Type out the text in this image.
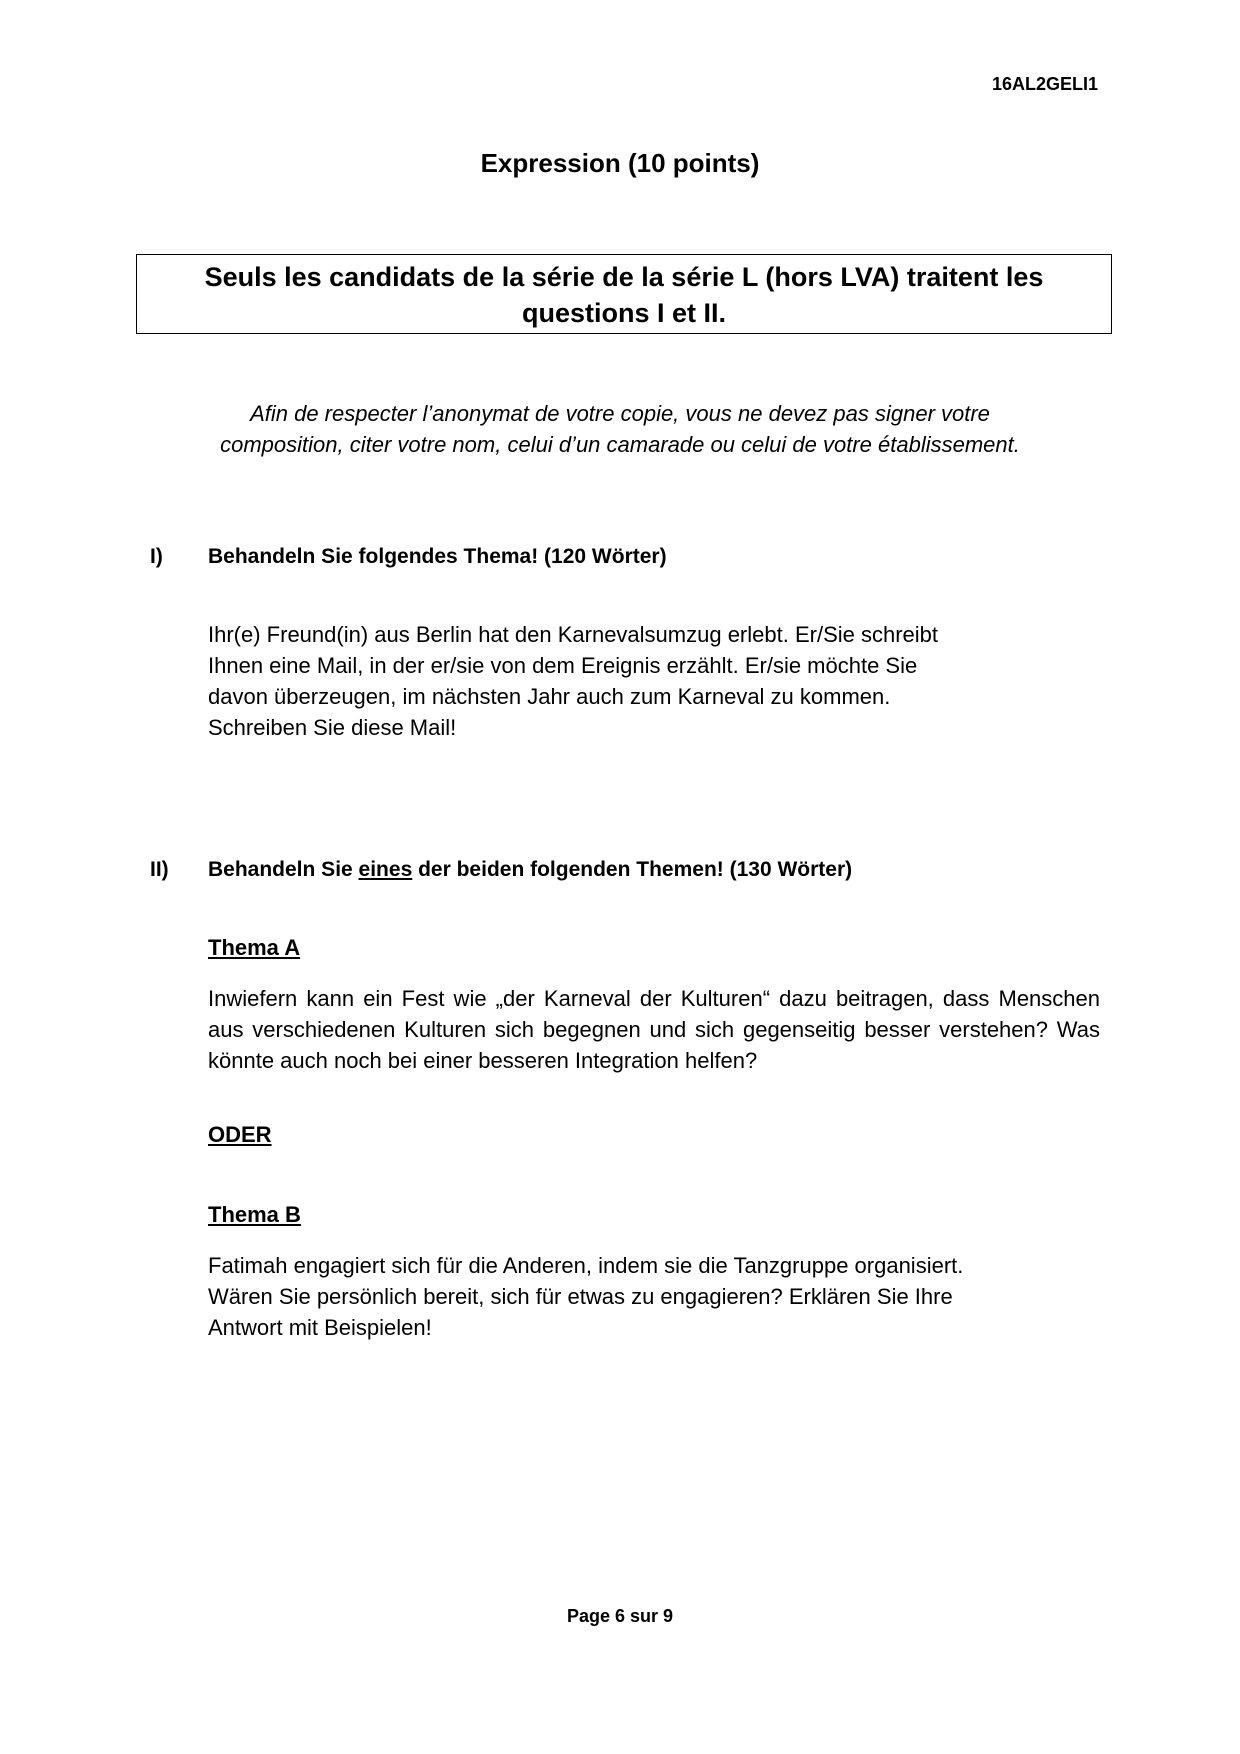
16AL2GELI1
Expression (10 points)
Seuls les candidats de la série de la série L (hors LVA) traitent les
questions I et II.
Afin de respecter l’anonymat de votre copie, vous ne devez pas signer votre
composition, citer votre nom, celui d’un camarade ou celui de votre établissement.
I) Behandeln Sie folgendes Thema! (120 Wörter)
Ihr(e) Freund(in) aus Berlin hat den Karnevalsumzug erlebt. Er/Sie schreibt
Ihnen eine Mail, in der er/sie von dem Ereignis erzählt. Er/sie möchte Sie
davon überzeugen, im nächsten Jahr auch zum Karneval zu kommen.
Schreiben Sie diese Mail!
II) Behandeln Sie eines der beiden folgenden Themen! (130 Wörter)
Thema A
Inwiefern kann ein Fest wie „der Karneval der Kulturen“ dazu beitragen, dass Menschen aus verschiedenen Kulturen sich begegnen und sich gegenseitig besser verstehen? Was könnte auch noch bei einer besseren Integration helfen?
ODER
Thema B
Fatimah engagiert sich für die Anderen, indem sie die Tanzgruppe organisiert.
Wären Sie persönlich bereit, sich für etwas zu engagieren? Erklären Sie Ihre
Antwort mit Beispielen!
Page 6 sur 9
